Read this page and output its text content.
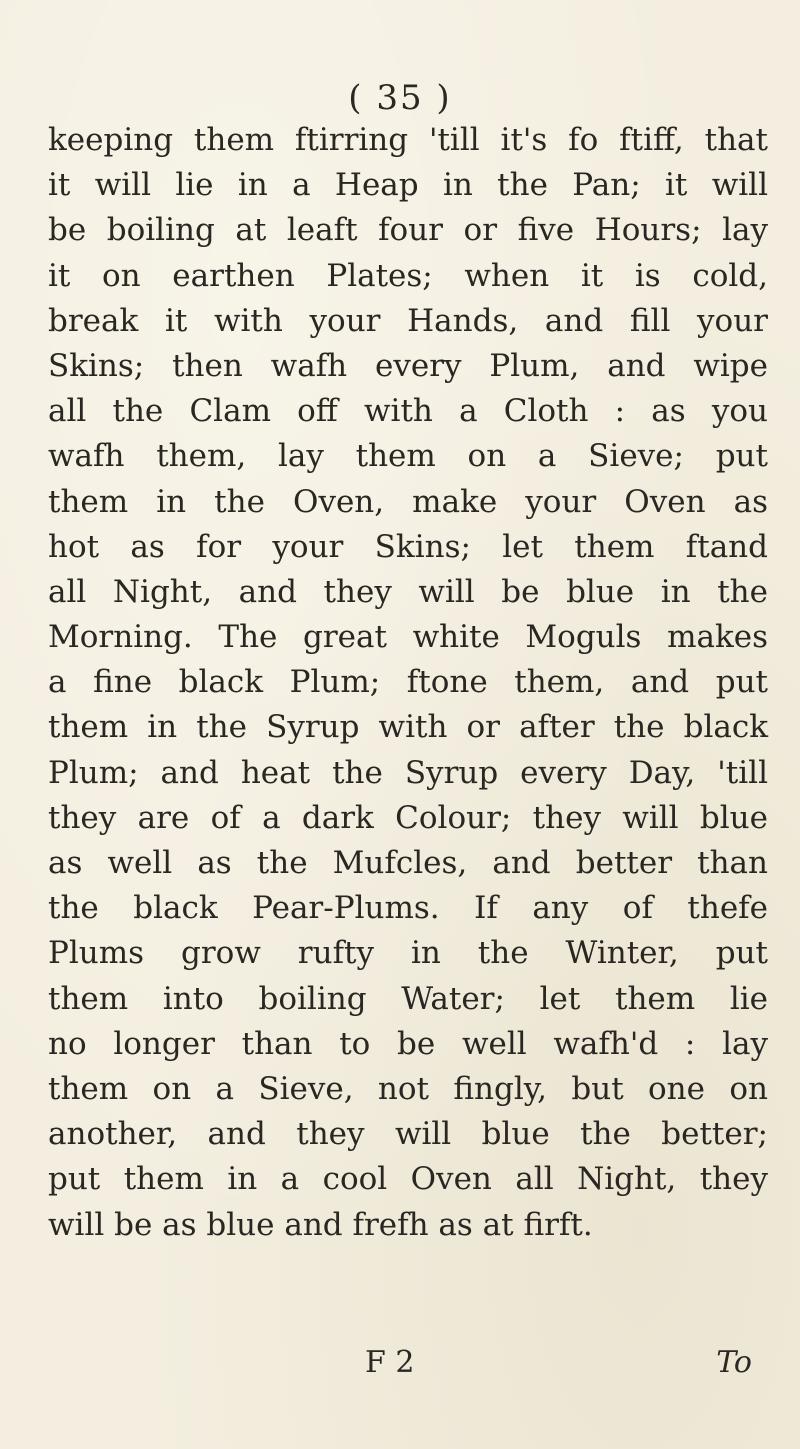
( 35 )
keeping them ftirring 'till it's fo ftiff, that
it will lie in a Heap in the Pan; it will
be boiling at leaft four or five Hours; lay
it on earthen Plates; when it is cold,
break it with your Hands, and fill your
Skins; then wafh every Plum, and wipe
all the Clam off with a Cloth : as you
wafh them, lay them on a Sieve; put
them in the Oven, make your Oven as
hot as for your Skins; let them ftand
all Night, and they will be blue in the
Morning. The great white Moguls makes
a fine black Plum; ftone them, and put
them in the Syrup with or after the black
Plum; and heat the Syrup every Day, 'till
they are of a dark Colour; they will blue
as well as the Mufcles, and better than
the black Pear-Plums. If any of thefe
Plums grow rufty in the Winter, put
them into boiling Water; let them lie
no longer than to be well wafh'd : lay
them on a Sieve, not fingly, but one on
another, and they will blue the better;
put them in a cool Oven all Night, they
will be as blue and frefh as at firft.
F 2	To
